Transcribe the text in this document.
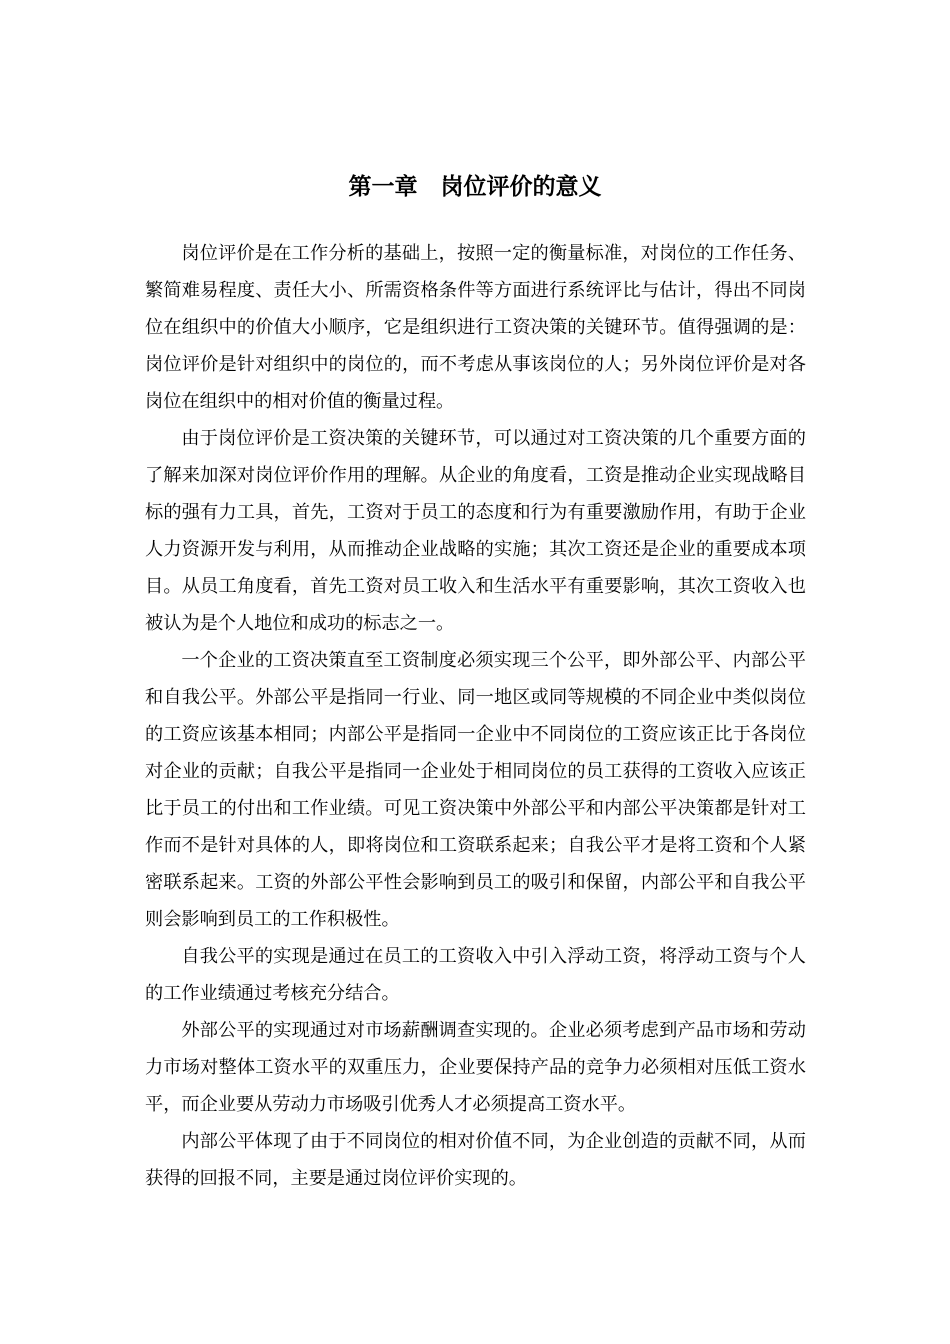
第一章　岗位评价的意义

岗位评价是在工作分析的基础上，按照一定的衡量标准，对岗位的工作任务、繁简难易程度、责任大小、所需资格条件等方面进行系统评比与估计，得出不同岗位在组织中的价值大小顺序，它是组织进行工资决策的关键环节。值得强调的是：岗位评价是针对组织中的岗位的，而不考虑从事该岗位的人；另外岗位评价是对各岗位在组织中的相对价值的衡量过程。

由于岗位评价是工资决策的关键环节，可以通过对工资决策的几个重要方面的了解来加深对岗位评价作用的理解。从企业的角度看，工资是推动企业实现战略目标的强有力工具，首先，工资对于员工的态度和行为有重要激励作用，有助于企业人力资源开发与利用，从而推动企业战略的实施；其次工资还是企业的重要成本项目。从员工角度看，首先工资对员工收入和生活水平有重要影响，其次工资收入也被认为是个人地位和成功的标志之一。

一个企业的工资决策直至工资制度必须实现三个公平，即外部公平、内部公平和自我公平。外部公平是指同一行业、同一地区或同等规模的不同企业中类似岗位的工资应该基本相同；内部公平是指同一企业中不同岗位的工资应该正比于各岗位对企业的贡献；自我公平是指同一企业处于相同岗位的员工获得的工资收入应该正比于员工的付出和工作业绩。可见工资决策中外部公平和内部公平决策都是针对工作而不是针对具体的人，即将岗位和工资联系起来；自我公平才是将工资和个人紧密联系起来。工资的外部公平性会影响到员工的吸引和保留，内部公平和自我公平则会影响到员工的工作积极性。

自我公平的实现是通过在员工的工资收入中引入浮动工资，将浮动工资与个人的工作业绩通过考核充分结合。

外部公平的实现通过对市场薪酬调查实现的。企业必须考虑到产品市场和劳动力市场对整体工资水平的双重压力，企业要保持产品的竞争力必须相对压低工资水平，而企业要从劳动力市场吸引优秀人才必须提高工资水平。

内部公平体现了由于不同岗位的相对价值不同，为企业创造的贡献不同，从而获得的回报不同，主要是通过岗位评价实现的。
